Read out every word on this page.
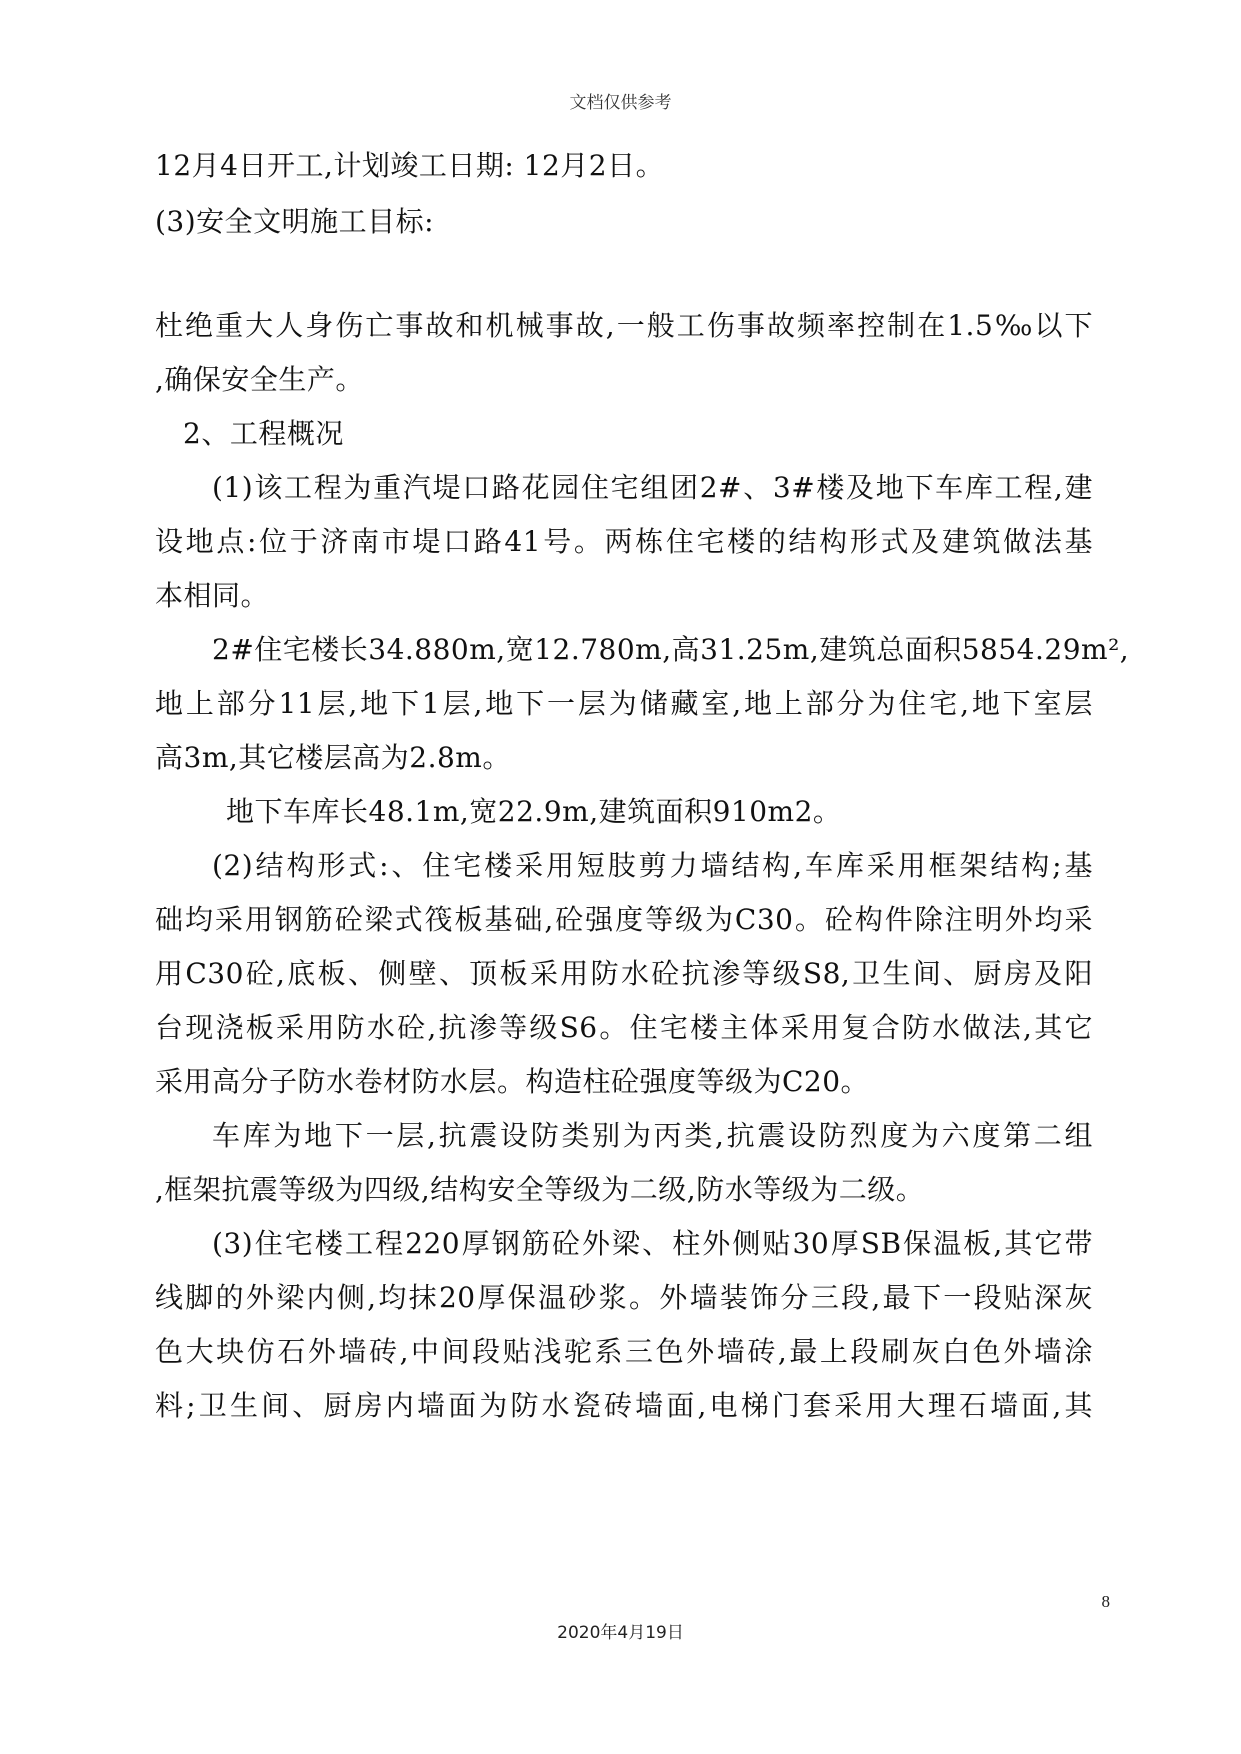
文档仅供参考
12月4日开工,计划竣工日期: 12月2日。
(3)安全文明施工目标:
杜绝重大人身伤亡事故和机械事故,一般工伤事故频率控制在1.5‰以下
,确保安全生产。
2、工程概况
(1)该工程为重汽堤口路花园住宅组团2#、3#楼及地下车库工程,建
设地点:位于济南市堤口路41号。两栋住宅楼的结构形式及建筑做法基
本相同。
2#住宅楼长34.880m,宽12.780m,高31.25m,建筑总面积5854.29m²,
地上部分11层,地下1层,地下一层为储藏室,地上部分为住宅,地下室层
高3m,其它楼层高为2.8m。
地下车库长48.1m,宽22.9m,建筑面积910m2。
(2)结构形式:、住宅楼采用短肢剪力墙结构,车库采用框架结构;基
础均采用钢筋砼梁式筏板基础,砼强度等级为C30。砼构件除注明外均采
用C30砼,底板、侧壁、顶板采用防水砼抗渗等级S8,卫生间、厨房及阳
台现浇板采用防水砼,抗渗等级S6。住宅楼主体采用复合防水做法,其它
采用高分子防水卷材防水层。构造柱砼强度等级为C20。
车库为地下一层,抗震设防类别为丙类,抗震设防烈度为六度第二组
,框架抗震等级为四级,结构安全等级为二级,防水等级为二级。
(3)住宅楼工程220厚钢筋砼外梁、柱外侧贴30厚SB保温板,其它带
线脚的外梁内侧,均抹20厚保温砂浆。外墙装饰分三段,最下一段贴深灰
色大块仿石外墙砖,中间段贴浅驼系三色外墙砖,最上段刷灰白色外墙涂
料;卫生间、厨房内墙面为防水瓷砖墙面,电梯门套采用大理石墙面,其
8
2020年4月19日
